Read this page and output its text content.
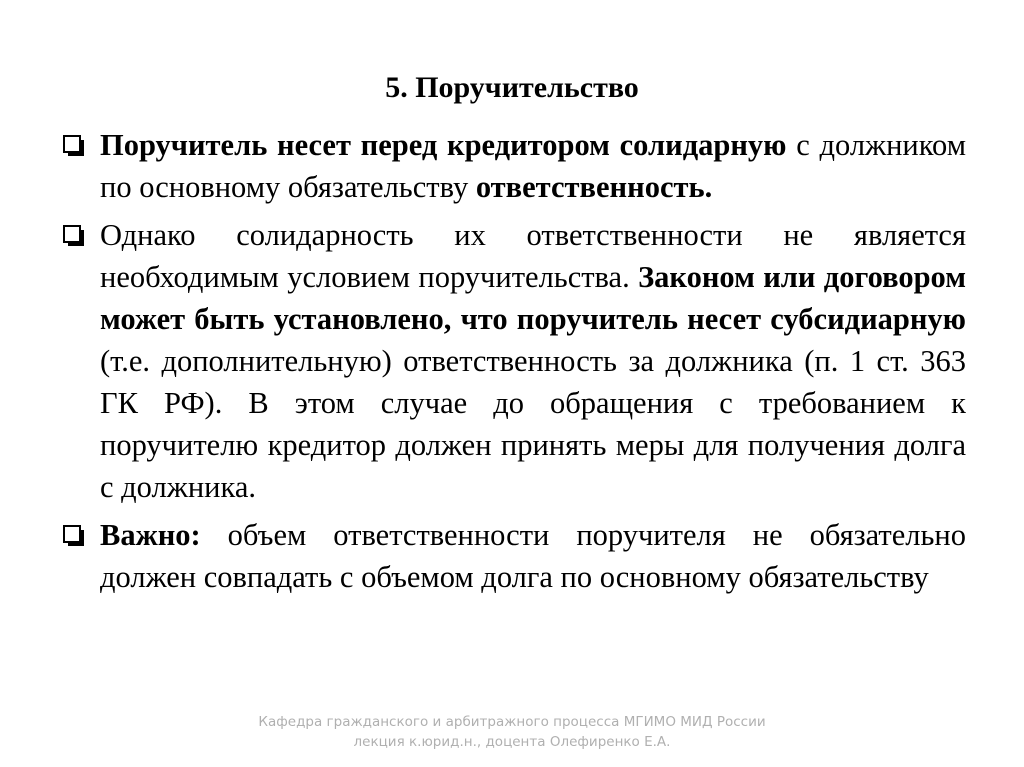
5. Поручительство
Поручитель несет перед кредитором солидарную с должником по основному обязательству ответственность.
Однако солидарность их ответственности не является необходимым условием поручительства. Законом или договором может быть установлено, что поручитель несет субсидиарную (т.е. дополнительную) ответственность за должника (п. 1 ст. 363 ГК РФ). В этом случае до обращения с требованием к поручителю кредитор должен принять меры для получения долга с должника.
Важно: объем ответственности поручителя не обязательно должен совпадать с объемом долга по основному обязательству
Кафедра гражданского и арбитражного процесса МГИМО МИД России
лекция к.юрид.н., доцента Олефиренко Е.А.
